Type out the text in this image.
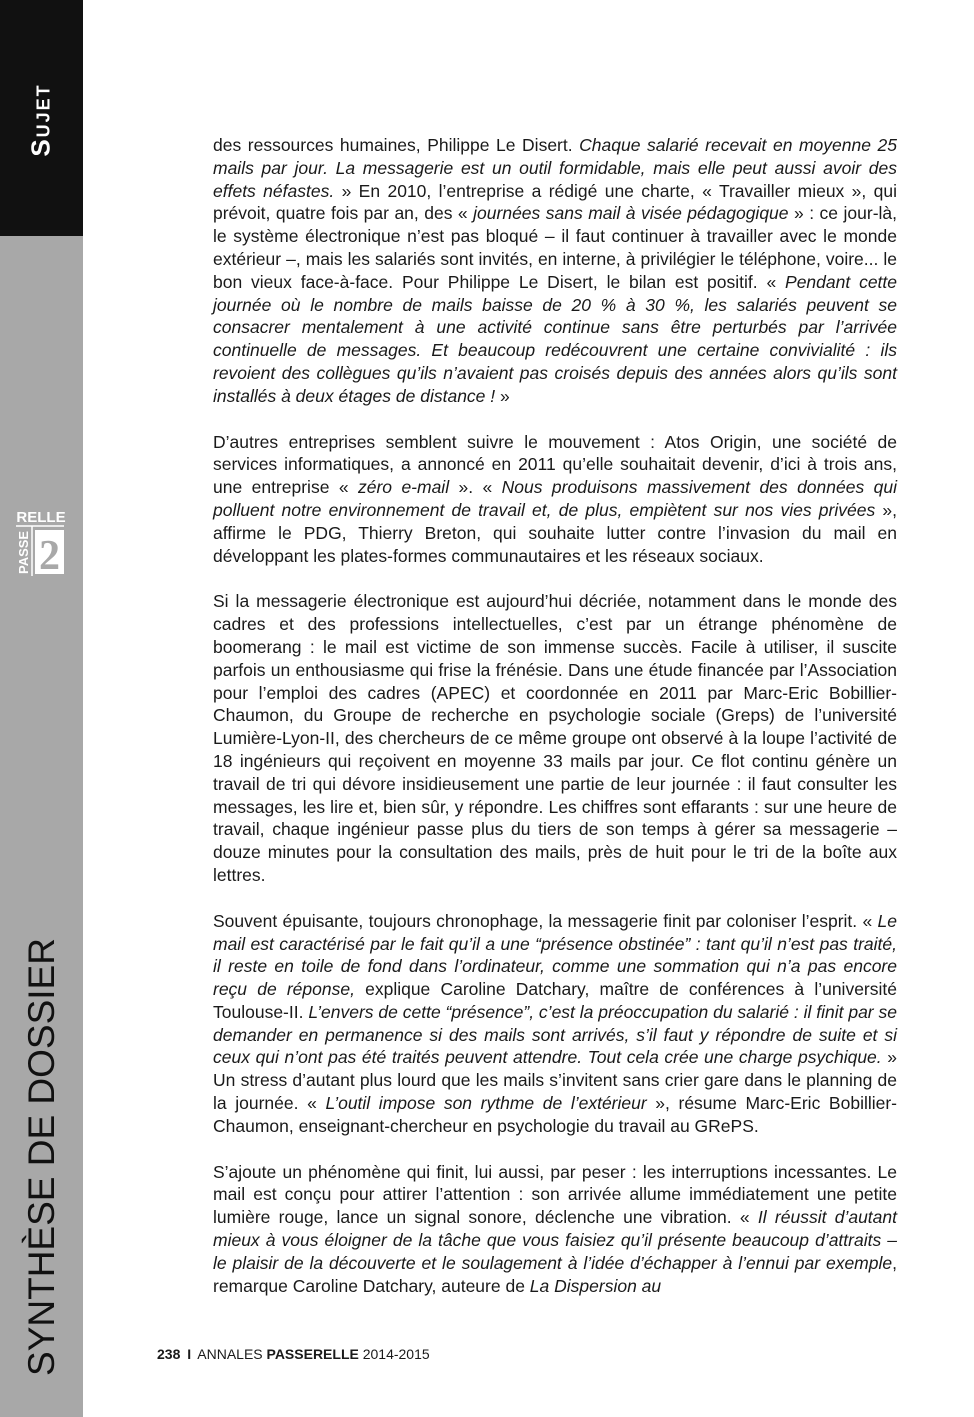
Sujet
RELLE
PASSE 2
SYNTHÈSE DE DOSSIER

des ressources humaines, Philippe Le Disert. Chaque salarié recevait en moyenne 25 mails par jour. La messagerie est un outil formidable, mais elle peut aussi avoir des effets néfastes. » En 2010, l’entreprise a rédigé une charte, « Travailler mieux », qui prévoit, quatre fois par an, des « journées sans mail à visée pédagogique » : ce jour-là, le système électronique n’est pas bloqué – il faut continuer à travailler avec le monde extérieur –, mais les salariés sont invités, en interne, à privilégier le téléphone, voire... le bon vieux face-à-face. Pour Philippe Le Disert, le bilan est positif. « Pendant cette journée où le nombre de mails baisse de 20 % à 30 %, les salariés peuvent se consacrer mentalement à une activité continue sans être perturbés par l’arrivée continuelle de messages. Et beaucoup redécouvrent une certaine convivialité : ils revoient des collègues qu’ils n’avaient pas croisés depuis des années alors qu’ils sont installés à deux étages de distance ! »

D’autres entreprises semblent suivre le mouvement : Atos Origin, une société de services informatiques, a annoncé en 2011 qu’elle souhaitait devenir, d’ici à trois ans, une entreprise « zéro e-mail ». « Nous produisons massivement des données qui polluent notre environnement de travail et, de plus, empiètent sur nos vies privées », affirme le PDG, Thierry Breton, qui souhaite lutter contre l’invasion du mail en développant les plates-formes communautaires et les réseaux sociaux.

Si la messagerie électronique est aujourd’hui décriée, notamment dans le monde des cadres et des professions intellectuelles, c’est par un étrange phénomène de boomerang : le mail est victime de son immense succès. Facile à utiliser, il suscite parfois un enthousiasme qui frise la frénésie. Dans une étude financée par l’Association pour l’emploi des cadres (APEC) et coordonnée en 2011 par Marc-Eric Bobillier-Chaumon, du Groupe de recherche en psychologie sociale (Greps) de l’université Lumière-Lyon-II, des chercheurs de ce même groupe ont observé à la loupe l’activité de 18 ingénieurs qui reçoivent en moyenne 33 mails par jour. Ce flot continu génère un travail de tri qui dévore insidieusement une partie de leur journée : il faut consulter les messages, les lire et, bien sûr, y répondre. Les chiffres sont effarants : sur une heure de travail, chaque ingénieur passe plus du tiers de son temps à gérer sa messagerie – douze minutes pour la consultation des mails, près de huit pour le tri de la boîte aux lettres.

Souvent épuisante, toujours chronophage, la messagerie finit par coloniser l’esprit. « Le mail est caractérisé par le fait qu’il a une “présence obstinée” : tant qu’il n’est pas traité, il reste en toile de fond dans l’ordinateur, comme une sommation qui n’a pas encore reçu de réponse, explique Caroline Datchary, maître de conférences à l’université Toulouse-II. L’envers de cette “présence”, c’est la préoccupation du salarié : il finit par se demander en permanence si des mails sont arrivés, s’il faut y répondre de suite et si ceux qui n’ont pas été traités peuvent attendre. Tout cela crée une charge psychique. » Un stress d’autant plus lourd que les mails s’invitent sans crier gare dans le planning de la journée. « L’outil impose son rythme de l’extérieur », résume Marc-Eric Bobillier-Chaumon, enseignant-chercheur en psychologie du travail au GRePS.

S’ajoute un phénomène qui finit, lui aussi, par peser : les interruptions incessantes. Le mail est conçu pour attirer l’attention : son arrivée allume immédiatement une petite lumière rouge, lance un signal sonore, déclenche une vibration. « Il réussit d’autant mieux à vous éloigner de la tâche que vous faisiez qu’il présente beaucoup d’attraits – le plaisir de la découverte et le soulagement à l’idée d’échapper à l’ennui par exemple, remarque Caroline Datchary, auteure de La Dispersion au

238 I ANNALES PASSERELLE 2014-2015
